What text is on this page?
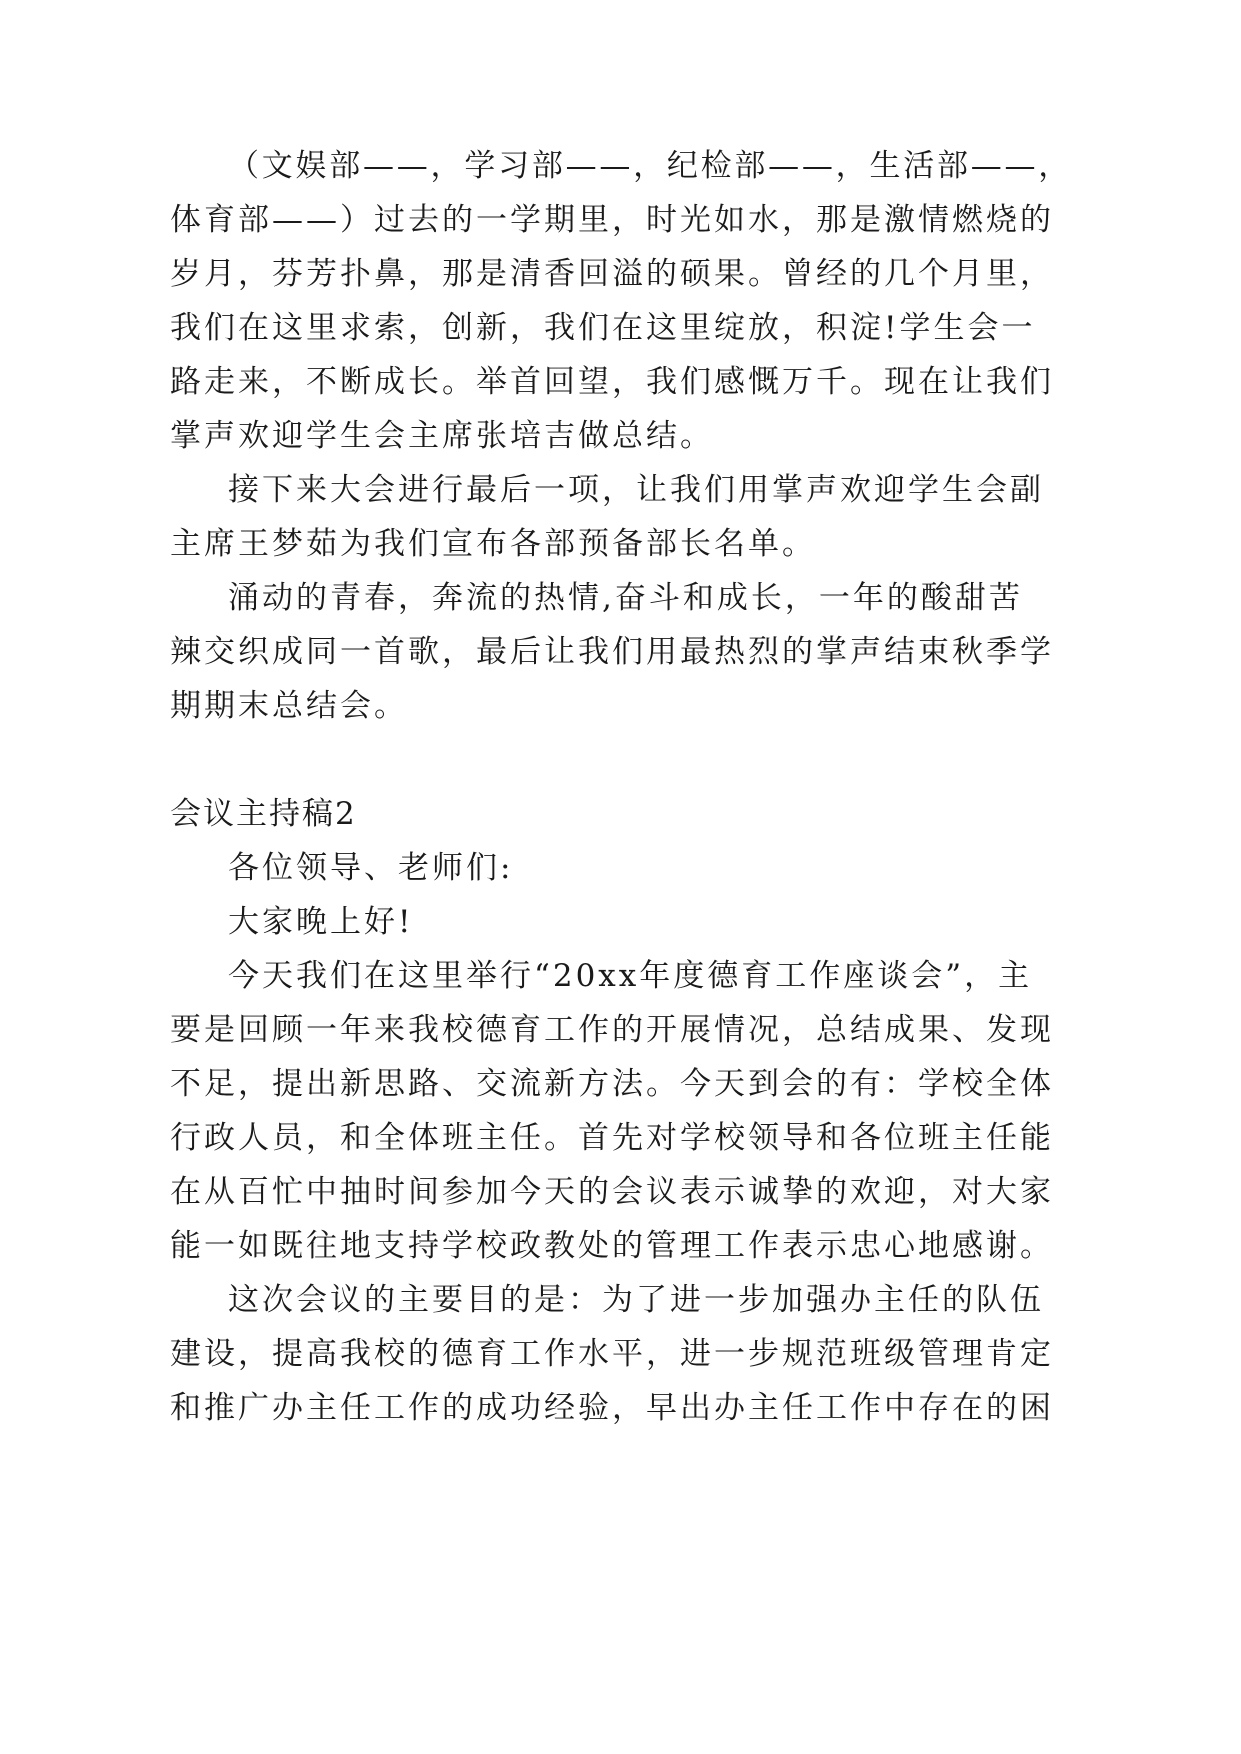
（文娱部——，学习部——，纪检部——，生活部——，
体育部——）过去的一学期里，时光如水，那是激情燃烧的
岁月，芬芳扑鼻，那是清香回溢的硕果。曾经的几个月里，
我们在这里求索，创新，我们在这里绽放，积淀!学生会一
路走来，不断成长。举首回望，我们感慨万千。现在让我们
掌声欢迎学生会主席张培吉做总结。
接下来大会进行最后一项，让我们用掌声欢迎学生会副
主席王梦茹为我们宣布各部预备部长名单。
涌动的青春，奔流的热情,奋斗和成长，一年的酸甜苦
辣交织成同一首歌，最后让我们用最热烈的掌声结束秋季学
期期末总结会。
会议主持稿2
各位领导、老师们:
大家晚上好!
今天我们在这里举行“20xx年度德育工作座谈会”，主
要是回顾一年来我校德育工作的开展情况，总结成果、发现
不足，提出新思路、交流新方法。今天到会的有：学校全体
行政人员，和全体班主任。首先对学校领导和各位班主任能
在从百忙中抽时间参加今天的会议表示诚挚的欢迎，对大家
能一如既往地支持学校政教处的管理工作表示忠心地感谢。
这次会议的主要目的是：为了进一步加强办主任的队伍
建设，提高我校的德育工作水平，进一步规范班级管理肯定
和推广办主任工作的成功经验，早出办主任工作中存在的困
